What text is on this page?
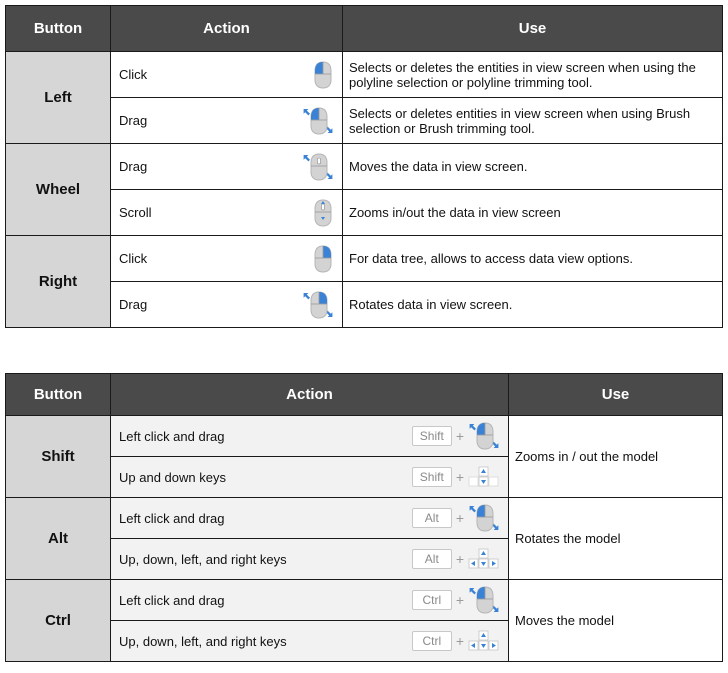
Button	Action	Use
Left	Click	Selects or deletes the entities in view screen when using the polyline selection or polyline trimming tool.

	Drag	Selects or deletes entities in view screen when using Brush selection or Brush trimming tool.
Wheel	Drag	Moves the data in view screen.

	Scroll	Zooms in/out the data in view screen
Right	Click	For data tree, allows to access data view options.

	Drag	Rotates data in view screen.
Button	Action	Use
Shift	Left click and drag Shift +	Zooms in / out the model

	Up and down keys Shift +	

Alt	Left click and drag Alt +	Rotates the model

	Up, down, left, and right keys Alt +	

Ctrl	Left click and drag Ctrl +	Moves the model

	Up, down, left, and right keys Ctrl +	
